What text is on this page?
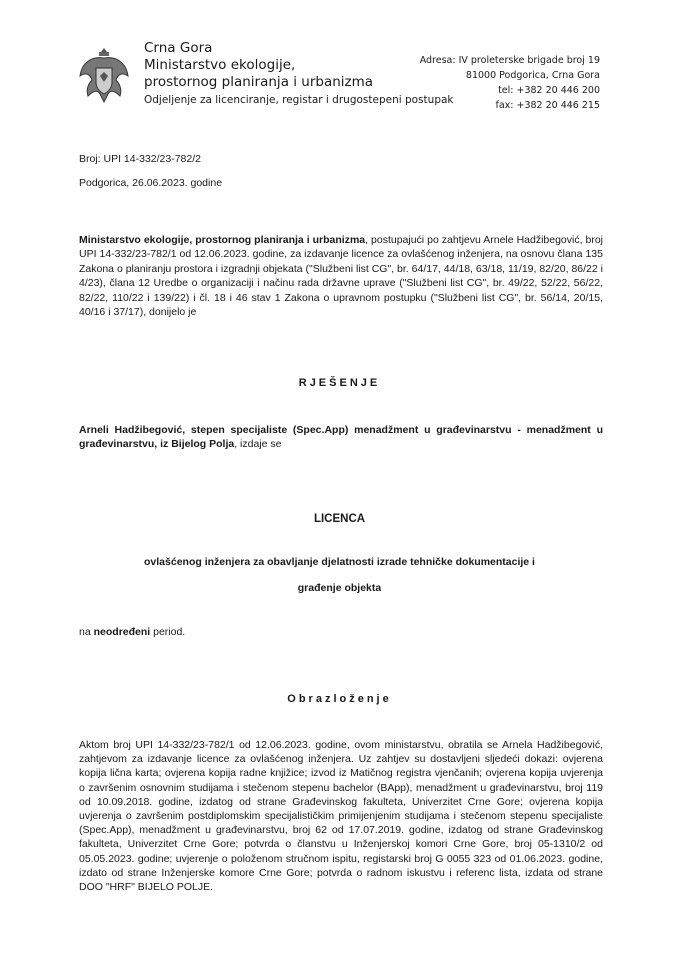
Crna Gora
Ministarstvo ekologije,
prostornog planiranja i urbanizma
Odjeljenje za licenciranje, registar i drugostepeni postupak
Adresa: IV proleterske brigade broj 19
81000 Podgorica, Crna Gora
tel: +382 20 446 200
fax: +382 20 446 215
Broj: UPI 14-332/23-782/2
Podgorica, 26.06.2023. godine
Ministarstvo ekologije, prostornog planiranja i urbanizma, postupajući po zahtjevu Arnele Hadžibegović, broj UPI 14-332/23-782/1 od 12.06.2023. godine, za izdavanje licence za ovlašćenog inženjera, na osnovu člana 135 Zakona o planiranju prostora i izgradnji objekata ("Službeni list CG", br. 64/17, 44/18, 63/18, 11/19, 82/20, 86/22 i 4/23), člana 12 Uredbe o organizaciji i načinu rada državne uprave ("Službeni list CG", br. 49/22, 52/22, 56/22, 82/22, 110/22 i 139/22) i čl. 18 i 46 stav 1 Zakona o upravnom postupku ("Službeni list CG", br. 56/14, 20/15, 40/16 i 37/17), donijelo je
RJEŠENJE
Arneli Hadžibegović, stepen specijaliste (Spec.App) menadžment u građevinarstvu - menadžment u građevinarstvu, iz Bijelog Polja, izdaje se
LICENCA
ovlašćenog inženjera za obavljanje djelatnosti izrade tehničke dokumentacije i
građenje objekta
na neodređeni period.
Obrazloženje
Aktom broj UPI 14-332/23-782/1 od 12.06.2023. godine, ovom ministarstvu, obratila se Arnela Hadžibegović, zahtjevom za izdavanje licence za ovlašćenog inženjera. Uz zahtjev su dostavljeni sljedeći dokazi: ovjerena kopija lična karta; ovjerena kopija radne knjižice; izvod iz Matičnog registra vjenčanih; ovjerena kopija uvjerenja o završenim osnovnim studijama i stečenom stepenu bachelor (BApp), menadžment u građevinarstvu, broj 119 od 10.09.2018. godine, izdatog od strane Građevinskog fakulteta, Univerzitet Crne Gore; ovjerena kopija uvjerenja o završenim postdiplomskim specijalističkim primijenjenim studijama i stečenom stepenu specijaliste (Spec.App), menadžment u građevinarstvu, broj 62 od 17.07.2019. godine, izdatog od strane Građevinskog fakulteta, Univerzitet Crne Gore; potvrda o članstvu u Inženjerskoj komori Crne Gore, broj 05-1310/2 od 05.05.2023. godine; uvjerenje o položenom stručnom ispitu, registarski broj G 0055 323 od 01.06.2023. godine, izdato od strane Inženjerske komore Crne Gore; potvrda o radnom iskustvu i referenc lista, izdata od strane DOO "HRF" BIJELO POLJE.
